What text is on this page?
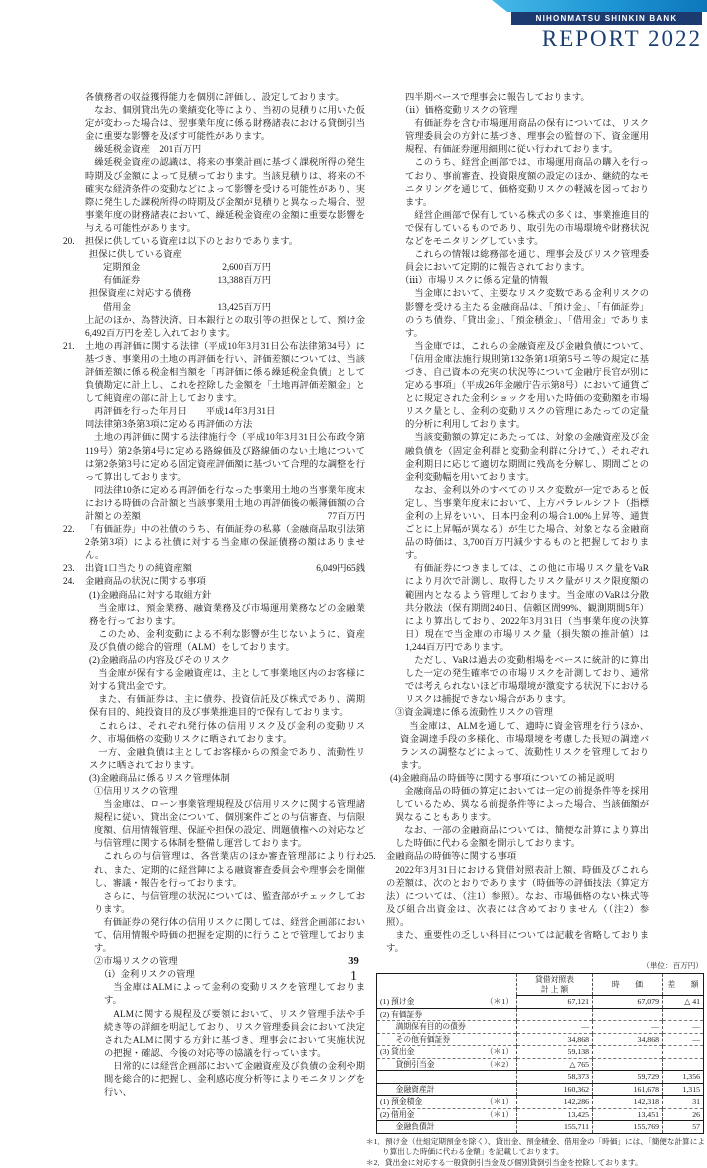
NIHONMATSU SHINKIN BANK
REPORT 2022
各債務者の収益獲得能力を個別に評価し、設定しております。
なお、個別貸出先の業績変化等により、当初の見積りに用いた仮定が変わった場合は、翌事業年度に係る財務諸表における貸倒引当金に重要な影響を及ぼす可能性があります。
繰延税金資産　201百万円
繰延税金資産の認識は、将来の事業計画に基づく課税所得の発生時期及び金額によって見積っております。当該見積りは、将来の不確実な経済条件の変動などによって影響を受ける可能性があり、実際に発生した課税所得の時期及び金額が見積りと異なった場合、翌事業年度の財務諸表において、繰延税金資産の金額に重要な影響を与える可能性があります。
20.	担保に供している資産は以下のとおりであります。
担保に供している資産
定期預金	2,600百万円
有価証券	13,388百万円
担保資産に対応する債務
借用金	13,425百万円
上記のほか、為替決済、日本銀行との取引等の担保として、預け金6,492百万円を差し入れております。
21.	土地の再評価に関する法律（平成10年3月31日公布法律第34号）に基づき、事業用の土地の再評価を行い、評価差額については、当該評価差額に係る税金相当額を「再評価に係る繰延税金負債」として負債勘定に計上し、これを控除した金額を「土地再評価差額金」として純資産の部に計上しております。
再評価を行った年月日　　平成14年3月31日
同法律第3条第3項に定める再評価の方法
土地の再評価に関する法律施行令（平成10年3月31日公布政令第119号）第2条第4号に定める路線価及び路線価のない土地については第2条第3号に定める固定資産評価額に基づいて合理的な調整を行って算出しております。
同法律10条に定める再評価を行なった事業用土地の当事業年度末における時価の合計額と当該事業用土地の再評価後の帳簿価額の合計額との差額	77百万円
22.	「有価証券」中の社債のうち、有価証券の私募（金融商品取引法第2条第3項）による社債に対する当金庫の保証債務の額はありません。
23.	出資1口当たりの純資産額	6,049円65銭
24.	金融商品の状況に関する事項
(1)金融商品に対する取組方針
当金庫は、預金業務、融資業務及び市場運用業務などの金融業務を行っております。
このため、金利変動による不利な影響が生じないように、資産及び負債の総合的管理（ALM）をしております。
(2)金融商品の内容及びそのリスク
当金庫が保有する金融資産は、主として事業地区内のお客様に対する貸出金です。
また、有価証券は、主に債券、投資信託及び株式であり、満期保有目的、純投資目的及び事業推進目的で保有しております。
これらは、それぞれ発行体の信用リスク及び金利の変動リスク、市場価格の変動リスクに晒されております。
一方、金融負債は主としてお客様からの預金であり、流動性リスクに晒されております。
(3)金融商品に係るリスク管理体制
①信用リスクの管理
当金庫は、ローン事業管理規程及び信用リスクに関する管理諸規程に従い、貸出金について、個別案件ごとの与信審査、与信限度額、信用情報管理、保証や担保の設定、問題債権への対応など与信管理に関する体制を整備し運営しております。
これらの与信管理は、各営業店のほか審査管理部により行われ、また、定期的に経営陣による融資審査委員会や理事会を開催し、審議・報告を行っております。
さらに、与信管理の状況については、監査部がチェックしております。
有価証券の発行体の信用リスクに関しては、経営企画部において、信用情報や時価の把握を定期的に行うことで管理しております。
②市場リスクの管理
（ⅰ）金利リスクの管理
当金庫はALMによって金利の変動リスクを管理しております。
ALMに関する規程及び要領において、リスク管理手法や手続き等の詳細を明記しており、リスク管理委員会において決定されたALMに関する方針に基づき、理事会において実施状況の把握・確認、今後の対応等の協議を行っています。
日常的には経営企画部において金融資産及び負債の金利や期間を総合的に把握し、金利感応度分析等によりモニタリングを行い、
四半期ベースで理事会に報告しております。
（ⅱ）価格変動リスクの管理
有価証券を含む市場運用商品の保有については、リスク管理委員会の方針に基づき、理事会の監督の下、資金運用規程、有価証券運用細則に従い行われております。
このうち、経営企画部では、市場運用商品の購入を行っており、事前審査、投資限度額の設定のほか、継続的なモニタリングを通じて、価格変動リスクの軽減を図っております。
経営企画部で保有している株式の多くは、事業推進目的で保有しているものであり、取引先の市場環境や財務状況などをモニタリングしています。
これらの情報は総務部を通じ、理事会及びリスク管理委員会において定期的に報告されております。
（ⅲ）市場リスクに係る定量的情報
当金庫において、主要なリスク変数である金利リスクの影響を受ける主たる金融商品は、「預け金」、「有価証券」のうち債券、「貸出金」、「預金積金」、「借用金」であります。
当金庫では、これらの金融資産及び金融負債について、「信用金庫法施行規則第132条第1項第5号ニ等の規定に基づき、自己資本の充実の状況等について金融庁長官が別に定める事項」（平成26年金融庁告示第8号）において通貨ごとに規定された金利ショックを用いた時価の変動額を市場リスク量とし、金利の変動リスクの管理にあたっての定量的分析に利用しております。
当該変動額の算定にあたっては、対象の金融資産及び金融負債を（固定金利群と変動金利群に分けて、）それぞれ金利期日に応じて適切な期間に残高を分解し、期間ごとの金利変動幅を用いております。
なお、金利以外のすべてのリスク変数が一定であると仮定し、当事業年度末において、上方パラレルシフト（指標金利の上昇をいい、日本円金利の場合1.00%上昇等、通貨ごとに上昇幅が異なる）が生じた場合、対象となる金融商品の時価は、3,700百万円減少するものと把握しております。
有価証券につきましては、この他に市場リスク量をVaRにより月次で計測し、取得したリスク量がリスク限度額の範囲内となるよう管理しております。当金庫のVaRは分散共分散法（保有期間240日、信頼区間99%、観測期間5年）により算出しており、2022年3月31日（当事業年度の決算日）現在で当金庫の市場リスク量（損失額の推計値）は1,244百万円であります。
ただし、VaRは過去の変動相場をベースに統計的に算出した一定の発生確率での市場リスクを計測しており、通常では考えられないほど市場環境が激変する状況下におけるリスクは捕捉できない場合があります。
③資金調達に係る流動性リスクの管理
当金庫は、ALMを通して、適時に資金管理を行うほか、資金調達手段の多様化、市場環境を考慮した長短の調達バランスの調整などによって、流動性リスクを管理しております。
(4)金融商品の時価等に関する事項についての補足説明
金融商品の時価の算定においては一定の前提条件等を採用しているため、異なる前提条件等によった場合、当該価額が異なることもあります。
なお、一部の金融商品については、簡便な計算により算出した時価に代わる金額を開示しております。
25.	金融商品の時価等に関する事項
2022年3月31日における貸借対照表計上額、時価及びこれらの差額は、次のとおりであります（時価等の評価技法（算定方法）については、（注1）参照）。なお、市場価格のない株式等及び組合出資金は、次表には含めておりません（（注2）参照）。
また、重要性の乏しい科目については記載を省略しております。
（単位：百万円）

	貸借対照表
計 上 額	時　　価	差　　額

(1) 預け金 （＊1）	67,121	67,079	△ 41

(2) 有価証券			

　　満期保有目的の債券	―	―	―

　　その他有価証券	34,868	34,868	―

(3) 貸出金 （＊1）	59,138		

　　貸倒引当金 （＊2）	△ 765		

	58,373	59,729	1,356

　　金融資産計	160,362	161,678	1,315

(1) 預金積金 （＊1）	142,286	142,318	31

(2) 借用金 （＊1）	13,425	13,451	26

　　金融負債計	155,711	155,769	57
＊1．預け金（仕組定期預金を除く）、貸出金、預金積金、借用金の「時価」には、「簡便な計算により算出した時価に代わる金額」を記載しております。
＊2．貸出金に対応する一般貸倒引当金及び個別貸倒引当金を控除しております。
39
1
